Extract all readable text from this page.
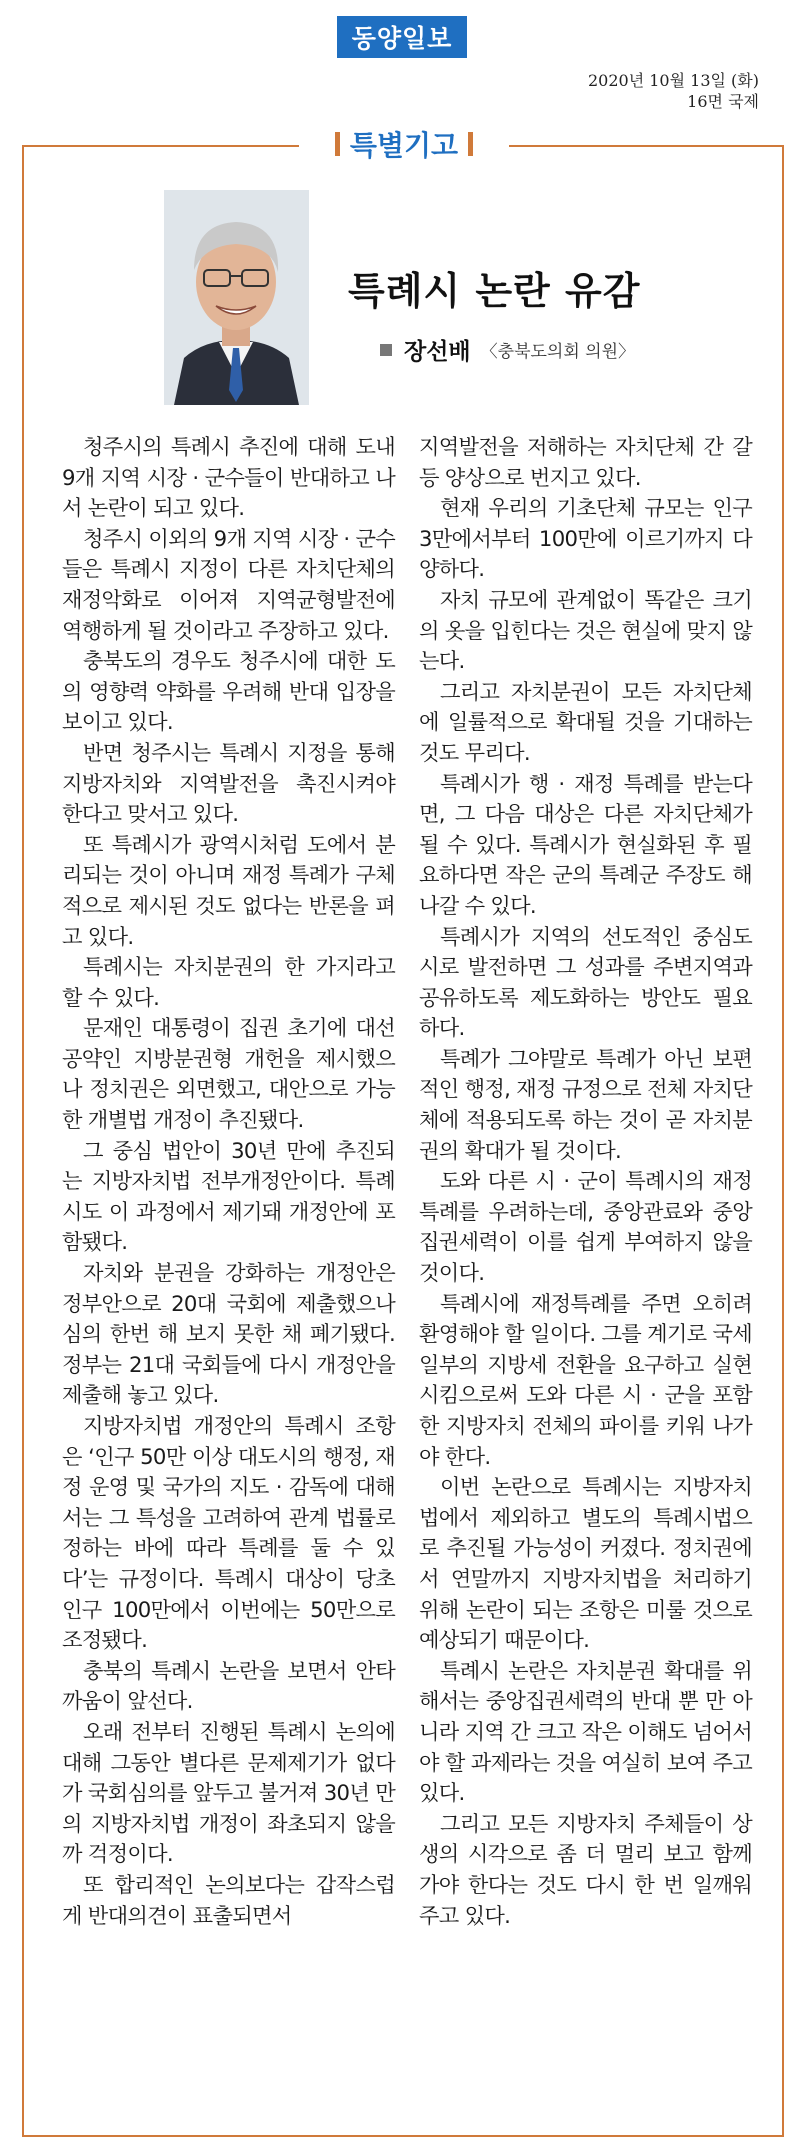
동양일보
2020년 10월 13일 (화)
16면 국제
특별기고
특례시 논란 유감
장선배 〈충북도의회 의원〉

청주시의 특례시 추진에 대해 도내 9개 지역 시장 · 군수들이 반대하고 나서 논란이 되고 있다.

청주시 이외의 9개 지역 시장 · 군수들은 특례시 지정이 다른 자치단체의 재정악화로 이어져 지역균형발전에 역행하게 될 것이라고 주장하고 있다.

충북도의 경우도 청주시에 대한 도의 영향력 약화를 우려해 반대 입장을 보이고 있다.

반면 청주시는 특례시 지정을 통해 지방자치와 지역발전을 촉진시켜야 한다고 맞서고 있다.

또 특례시가 광역시처럼 도에서 분리되는 것이 아니며 재정 특례가 구체적으로 제시된 것도 없다는 반론을 펴고 있다.

특례시는 자치분권의 한 가지라고 할 수 있다.

문재인 대통령이 집권 초기에 대선 공약인 지방분권형 개헌을 제시했으나 정치권은 외면했고, 대안으로 가능한 개별법 개정이 추진됐다.

그 중심 법안이 30년 만에 추진되는 지방자치법 전부개정안이다. 특례시도 이 과정에서 제기돼 개정안에 포함됐다.

자치와 분권을 강화하는 개정안은 정부안으로 20대 국회에 제출했으나 심의 한번 해 보지 못한 채 폐기됐다. 정부는 21대 국회들에 다시 개정안을 제출해 놓고 있다.

지방자치법 개정안의 특례시 조항은 ‘인구 50만 이상 대도시의 행정, 재정 운영 및 국가의 지도 · 감독에 대해서는 그 특성을 고려하여 관계 법률로 정하는 바에 따라 특례를 둘 수 있다’는 규정이다. 특례시 대상이 당초 인구 100만에서 이번에는 50만으로 조정됐다.

충북의 특례시 논란을 보면서 안타까움이 앞선다.

오래 전부터 진행된 특례시 논의에 대해 그동안 별다른 문제제기가 없다가 국회심의를 앞두고 불거져 30년 만의 지방자치법 개정이 좌초되지 않을까 걱정이다.

또 합리적인 논의보다는 갑작스럽게 반대의견이 표출되면서

지역발전을 저해하는 자치단체 간 갈등 양상으로 번지고 있다.

현재 우리의 기초단체 규모는 인구 3만에서부터 100만에 이르기까지 다양하다.

자치 규모에 관계없이 똑같은 크기의 옷을 입힌다는 것은 현실에 맞지 않는다.

그리고 자치분권이 모든 자치단체에 일률적으로 확대될 것을 기대하는 것도 무리다.

특례시가 행 · 재정 특례를 받는다면, 그 다음 대상은 다른 자치단체가 될 수 있다. 특례시가 현실화된 후 필요하다면 작은 군의 특례군 주장도 해 나갈 수 있다.

특례시가 지역의 선도적인 중심도시로 발전하면 그 성과를 주변지역과 공유하도록 제도화하는 방안도 필요하다.

특례가 그야말로 특례가 아닌 보편적인 행정, 재정 규정으로 전체 자치단체에 적용되도록 하는 것이 곧 자치분권의 확대가 될 것이다.

도와 다른 시 · 군이 특례시의 재정특례를 우려하는데, 중앙관료와 중앙집권세력이 이를 쉽게 부여하지 않을 것이다.

특례시에 재정특례를 주면 오히려 환영해야 할 일이다. 그를 계기로 국세 일부의 지방세 전환을 요구하고 실현시킴으로써 도와 다른 시 · 군을 포함한 지방자치 전체의 파이를 키워 나가야 한다.

이번 논란으로 특례시는 지방자치법에서 제외하고 별도의 특례시법으로 추진될 가능성이 커졌다. 정치권에서 연말까지 지방자치법을 처리하기 위해 논란이 되는 조항은 미룰 것으로 예상되기 때문이다.

특례시 논란은 자치분권 확대를 위해서는 중앙집권세력의 반대 뿐 만 아니라 지역 간 크고 작은 이해도 넘어서야 할 과제라는 것을 여실히 보여 주고 있다.

그리고 모든 지방자치 주체들이 상생의 시각으로 좀 더 멀리 보고 함께 가야 한다는 것도 다시 한 번 일깨워 주고 있다.
